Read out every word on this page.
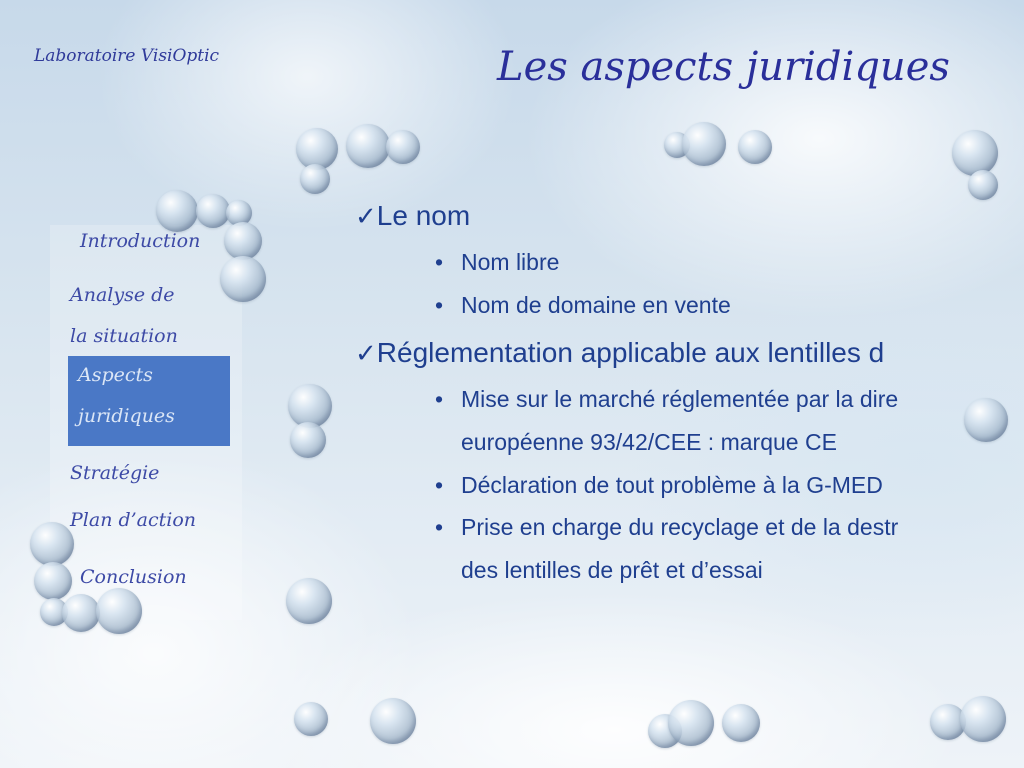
Laboratoire VisiOptic	Les aspects juridiques
Introduction
Analyse de
la situation
Aspects
juridiques
Stratégie
Plan d’action
Conclusion
✓Le nom
• Nom libre
• Nom de domaine en vente
✓Réglementation applicable aux lentilles d
• Mise sur le marché réglementée par la dire
européenne 93/42/CEE : marque CE
• Déclaration de tout problème à la G-MED
• Prise en charge du recyclage et de la destr
des lentilles de prêt et d’essai
